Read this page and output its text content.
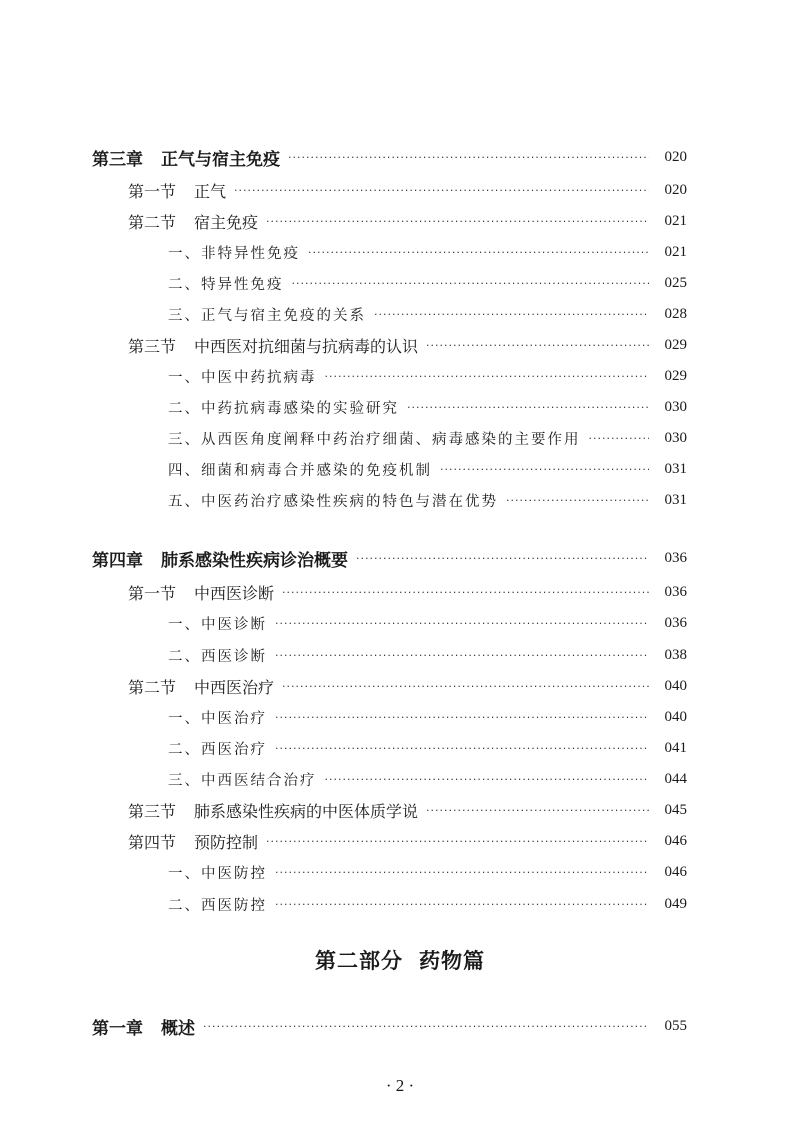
第三章 正气与宿主免疫 ·····	020
第一节 正气 ·····	020
第二节 宿主免疫 ·····	021
一、非特异性免疫 ·····	021
二、特异性免疫 ·····	025
三、正气与宿主免疫的关系 ·····	028
第三节 中西医对抗细菌与抗病毒的认识 ·····	029
一、中医中药抗病毒 ·····	029
二、中药抗病毒感染的实验研究 ·····	030
三、从西医角度阐释中药治疗细菌、病毒感染的主要作用 ·····	030
四、细菌和病毒合并感染的免疫机制 ·····	031
五、中医药治疗感染性疾病的特色与潜在优势 ·····	031
第四章 肺系感染性疾病诊治概要 ·····	036
第一节 中西医诊断 ·····	036
一、中医诊断 ·····	036
二、西医诊断 ·····	038
第二节 中西医治疗 ·····	040
一、中医治疗 ·····	040
二、西医治疗 ·····	041
三、中西医结合治疗 ·····	044
第三节 肺系感染性疾病的中医体质学说 ·····	045
第四节 预防控制 ·····	046
一、中医防控 ·····	046
二、西医防控 ·····	049
第一章 概述 ·····	055
第二部分 药物篇
· 2 ·
